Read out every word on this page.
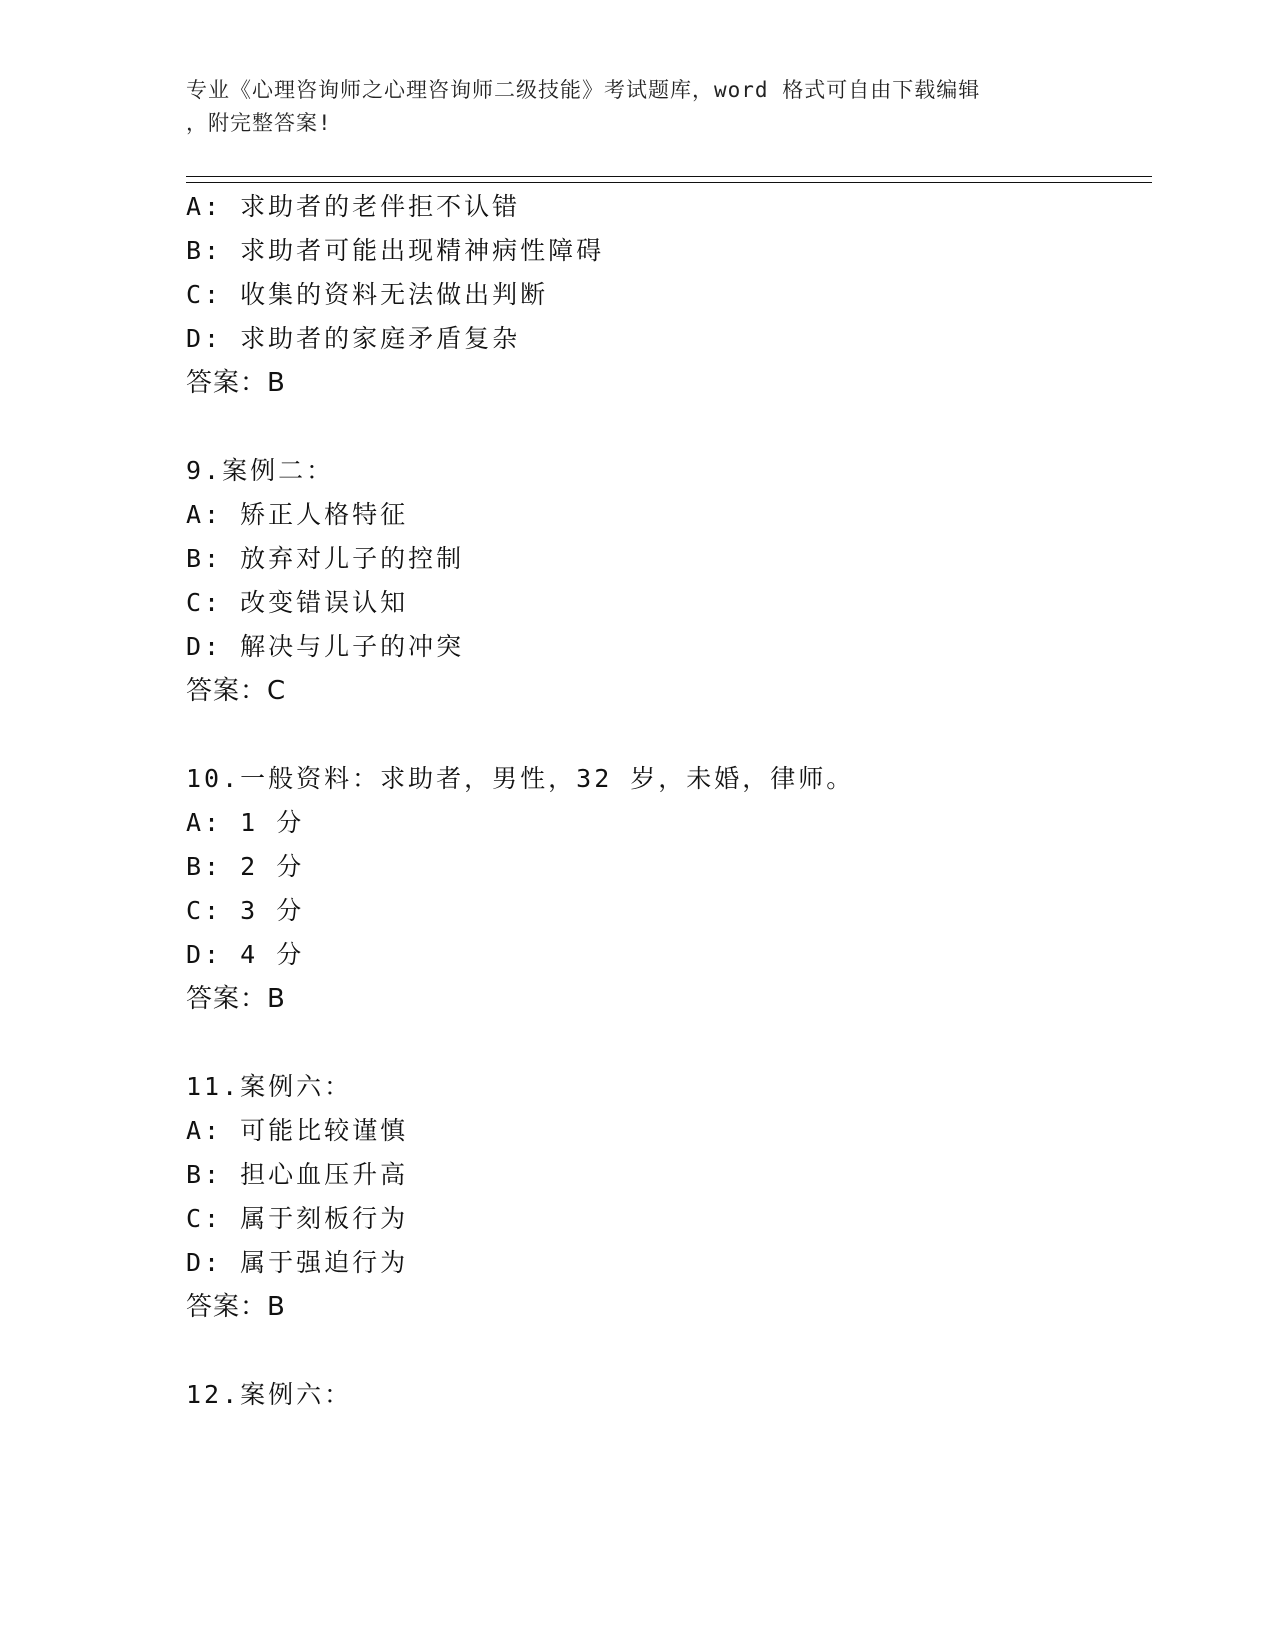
专业《心理咨询师之心理咨询师二级技能》考试题库，word 格式可自由下载编辑
，附完整答案!
A: 求助者的老伴拒不认错
B: 求助者可能出现精神病性障碍
C: 收集的资料无法做出判断
D: 求助者的家庭矛盾复杂
答案：B
9.案例二：
A: 矫正人格特征
B: 放弃对儿子的控制
C: 改变错误认知
D: 解决与儿子的冲突
答案：C
10.一般资料：求助者，男性，32 岁，未婚，律师。
A: 1 分
B: 2 分
C: 3 分
D: 4 分
答案：B
11.案例六：
A: 可能比较谨慎
B: 担心血压升高
C: 属于刻板行为
D: 属于强迫行为
答案：B
12.案例六：
